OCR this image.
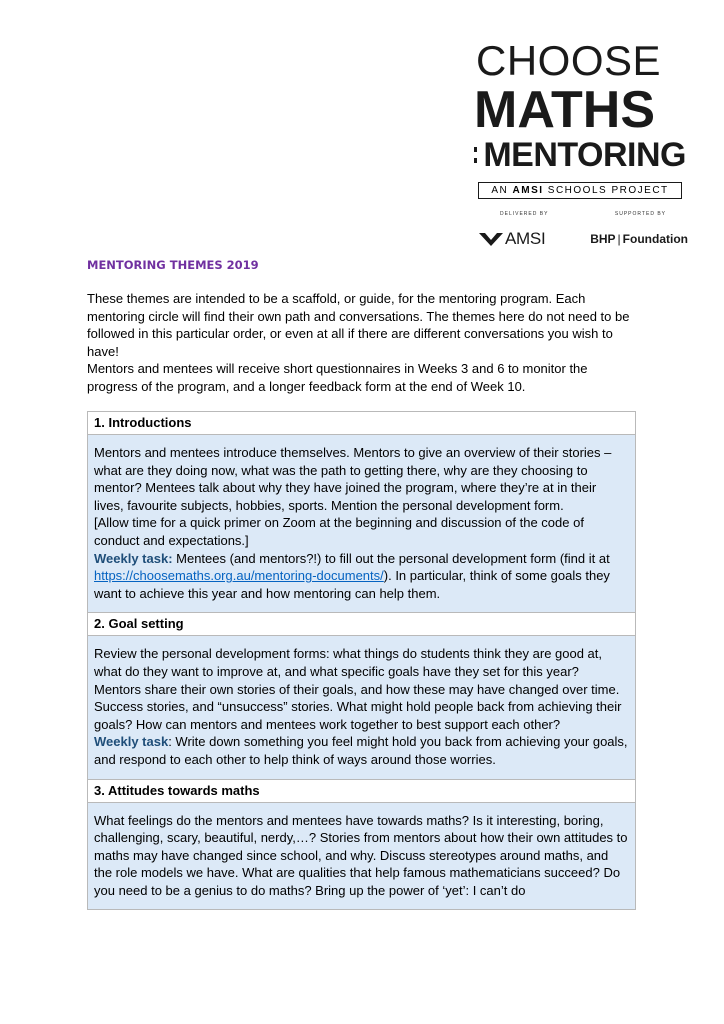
CHOOSE
MATHS
MENTORING
AN AMSI SCHOOLS PROJECT
DELIVERED BY	SUPPORTED BY
AMSI	BHP | Foundation
MENTORING THEMES 2019

These themes are intended to be a scaffold, or guide, for the mentoring program. Each mentoring circle will find their own path and conversations. The themes here do not need to be followed in this particular order, or even at all if there are different conversations you wish to have!

Mentors and mentees will receive short questionnaires in Weeks 3 and 6 to monitor the progress of the program, and a longer feedback form at the end of Week 10.

1. Introductions

Mentors and mentees introduce themselves. Mentors to give an overview of their stories – what are they doing now, what was the path to getting there, why are they choosing to mentor? Mentees talk about why they have joined the program, where they’re at in their lives, favourite subjects, hobbies, sports. Mention the personal development form.

[Allow time for a quick primer on Zoom at the beginning and discussion of the code of conduct and expectations.]

Weekly task: Mentees (and mentors?!) to fill out the personal development form (find it at https://choosemaths.org.au/mentoring-documents/). In particular, think of some goals they want to achieve this year and how mentoring can help them.

2. Goal setting

Review the personal development forms: what things do students think they are good at, what do they want to improve at, and what specific goals have they set for this year? Mentors share their own stories of their goals, and how these may have changed over time. Success stories, and “unsuccess” stories. What might hold people back from achieving their goals? How can mentors and mentees work together to best support each other?

Weekly task: Write down something you feel might hold you back from achieving your goals, and respond to each other to help think of ways around those worries.

3. Attitudes towards maths

What feelings do the mentors and mentees have towards maths? Is it interesting, boring, challenging, scary, beautiful, nerdy,…? Stories from mentors about how their own attitudes to maths may have changed since school, and why. Discuss stereotypes around maths, and the role models we have. What are qualities that help famous mathematicians succeed? Do you need to be a genius to do maths? Bring up the power of ‘yet’: I can’t do
